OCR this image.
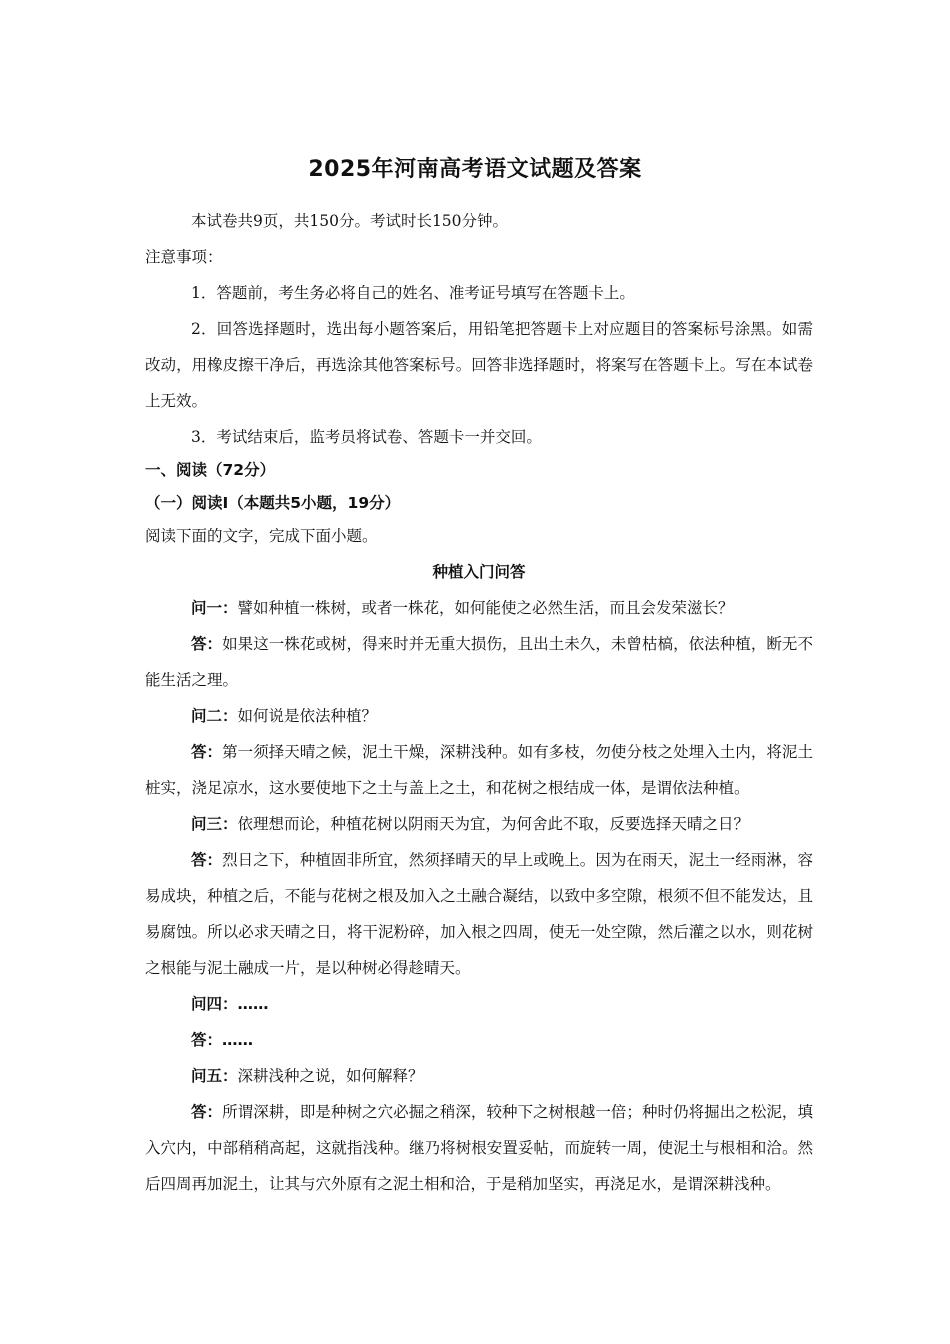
2025年河南高考语文试题及答案

本试卷共9页，共150分。考试时长150分钟。

注意事项：

1．答题前，考生务必将自己的姓名、准考证号填写在答题卡上。

2．回答选择题时，选出每小题答案后，用铅笔把答题卡上对应题目的答案标号涂黑。如需改动，用橡皮擦干净后，再选涂其他答案标号。回答非选择题时，将案写在答题卡上。写在本试卷上无效。

3．考试结束后，监考员将试卷、答题卡一并交回。

一、阅读（72分）

（一）阅读Ⅰ（本题共5小题，19分）

阅读下面的文字，完成下面小题。

种植入门问答

问一：譬如种植一株树，或者一株花，如何能使之必然生活，而且会发荣滋长？

答：如果这一株花或树，得来时并无重大损伤，且出土未久，未曾枯槁，依法种植，断无不能生活之理。

问二：如何说是依法种植？

答：第一须择天晴之候，泥土干燥，深耕浅种。如有多枝，勿使分枝之处埋入土内，将泥土桩实，浇足凉水，这水要使地下之土与盖上之土，和花树之根结成一体，是谓依法种植。

问三：依理想而论，种植花树以阴雨天为宜，为何舍此不取，反要选择天晴之日？

答：烈日之下，种植固非所宜，然须择晴天的早上或晚上。因为在雨天，泥土一经雨淋，容易成块，种植之后，不能与花树之根及加入之土融合凝结，以致中多空隙，根须不但不能发达，且易腐蚀。所以必求天晴之日，将干泥粉碎，加入根之四周，使无一处空隙，然后灌之以水，则花树之根能与泥土融成一片，是以种树必得趁晴天。

问四：……

答：……

问五：深耕浅种之说，如何解释？

答：所谓深耕，即是种树之穴必掘之稍深，较种下之树根越一倍；种时仍将掘出之松泥，填入穴内，中部稍稍高起，这就指浅种。继乃将树根安置妥帖，而旋转一周，使泥土与根相和洽。然后四周再加泥土，让其与穴外原有之泥土相和洽，于是稍加坚实，再浇足水，是谓深耕浅种。
